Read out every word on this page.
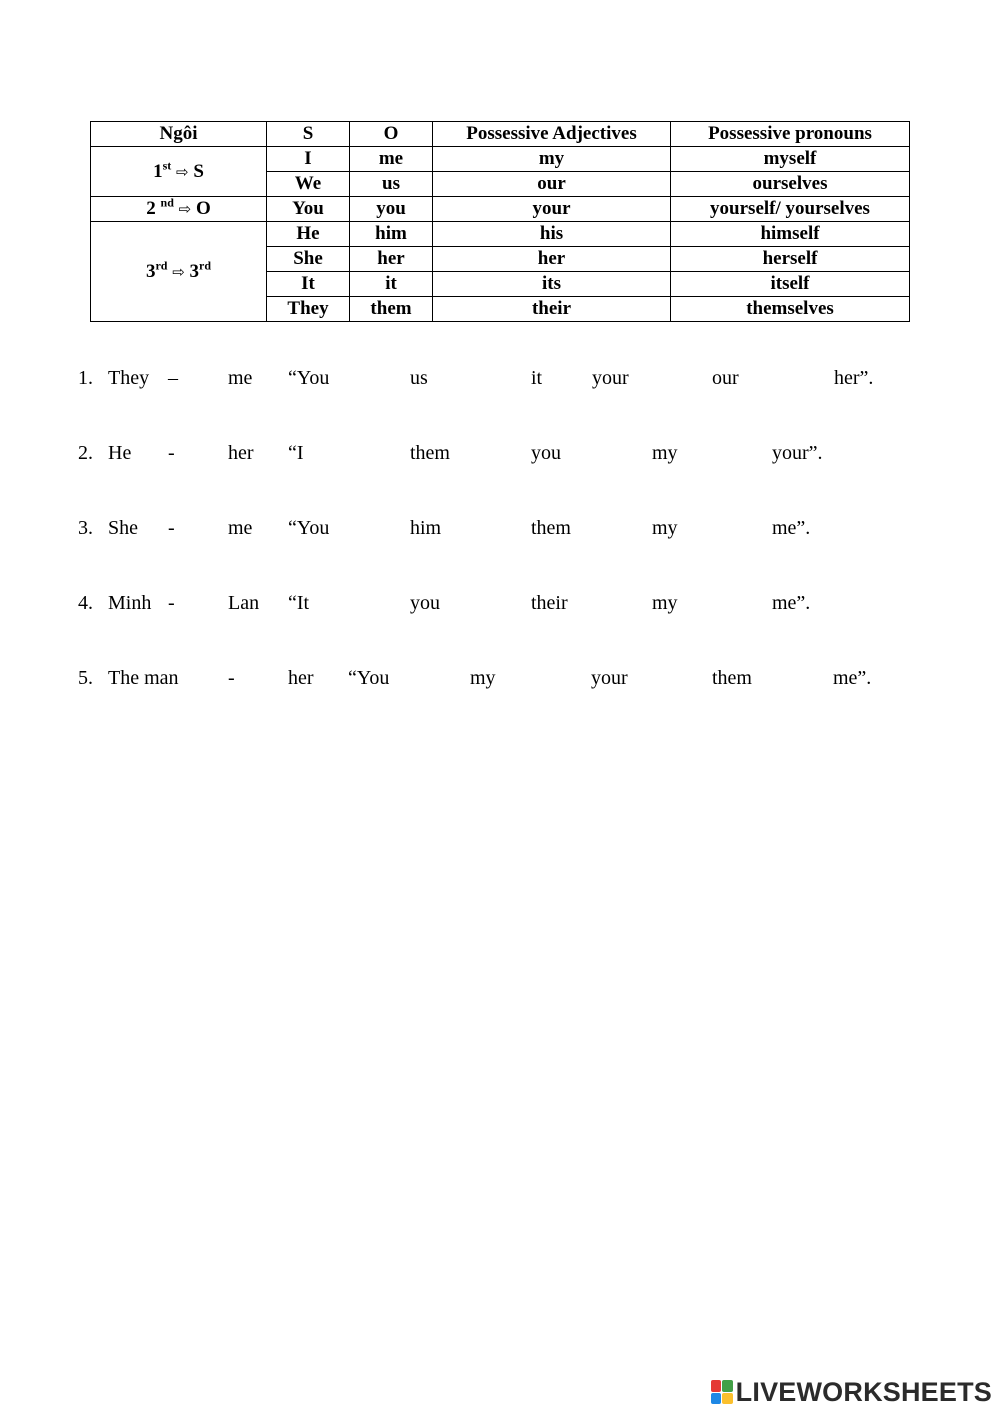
Ngôi	S	O	Possessive Adjectives	Possessive pronouns
1st ⇨ S	I	me	my	myself
	We	us	our	ourselves
2 $^{nd}$ ⇨ O	You	you	your	yourself/ yourselves
3rd ⇨ 3rd	He	him	his	himself
	She	her	her	herself
	It	it	its	itself
	They	them	their	themselves
1. They –	me “You	us	it your	our	her”.
2. He -	her “I	them	you	my	your”.
3. She -	me “You	him	them	my	me”.
4. Minh -	Lan “It	you	their	my	me”.
5. The man -	her “You	my	your	them	me”.
LIVEWORKSHEETS
